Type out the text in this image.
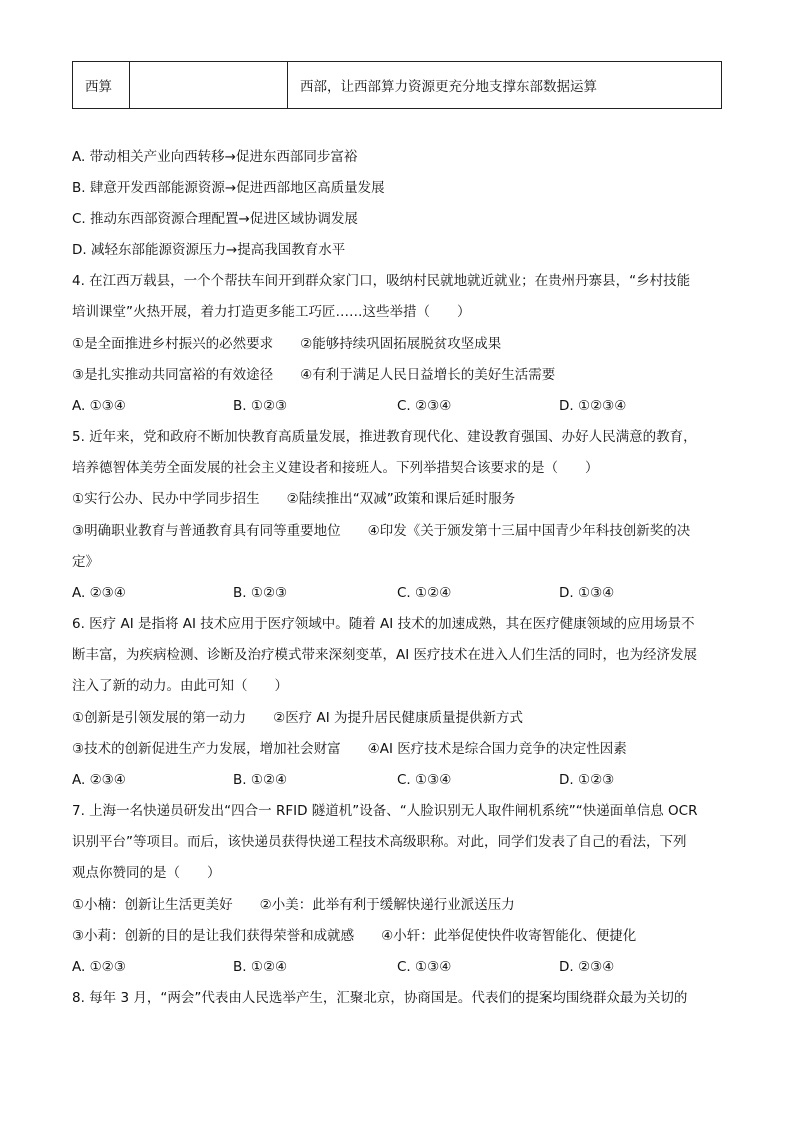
西算		西部，让西部算力资源更充分地支撑东部数据运算
A. 带动相关产业向西转移→促进东西部同步富裕
B. 肆意开发西部能源资源→促进西部地区高质量发展
C. 推动东西部资源合理配置→促进区域协调发展
D. 减轻东部能源资源压力→提高我国教育水平
4. 在江西万载县，一个个帮扶车间开到群众家门口，吸纳村民就地就近就业；在贵州丹寨县，“乡村技能
培训课堂”火热开展，着力打造更多能工巧匠……这些举措（　　）
①是全面推进乡村振兴的必然要求　　②能够持续巩固拓展脱贫攻坚成果
③是扎实推动共同富裕的有效途径　　④有利于满足人民日益增长的美好生活需要
A. ①③④	B. ①②③	C. ②③④	D. ①②③④
5. 近年来，党和政府不断加快教育高质量发展，推进教育现代化、建设教育强国、办好人民满意的教育，
培养德智体美劳全面发展的社会主义建设者和接班人。下列举措契合该要求的是（　　）
①实行公办、民办中学同步招生　　②陆续推出“双减”政策和课后延时服务
③明确职业教育与普通教育具有同等重要地位　　④印发《关于颁发第十三届中国青少年科技创新奖的决
定》
A. ②③④	B. ①②③	C. ①②④	D. ①③④
6. 医疗 AI 是指将 AI 技术应用于医疗领域中。随着 AI 技术的加速成熟，其在医疗健康领域的应用场景不
断丰富，为疾病检测、诊断及治疗模式带来深刻变革，AI 医疗技术在进入人们生活的同时，也为经济发展
注入了新的动力。由此可知（　　）
①创新是引领发展的第一动力　　②医疗 AI 为提升居民健康质量提供新方式
③技术的创新促进生产力发展，增加社会财富　　④AI 医疗技术是综合国力竞争的决定性因素
A. ②③④	B. ①②④	C. ①③④	D. ①②③
7. 上海一名快递员研发出“四合一 RFID 隧道机”设备、“人脸识别无人取件闸机系统”“快递面单信息 OCR
识别平台”等项目。而后，该快递员获得快递工程技术高级职称。对此，同学们发表了自己的看法，下列
观点你赞同的是（　　）
①小楠：创新让生活更美好　　②小美：此举有利于缓解快递行业派送压力
③小莉：创新的目的是让我们获得荣誉和成就感　　④小轩：此举促使快件收寄智能化、便捷化
A. ①②③	B. ①②④	C. ①③④	D. ②③④
8. 每年 3 月，“两会”代表由人民选举产生，汇聚北京，协商国是。代表们的提案均围绕群众最为关切的
